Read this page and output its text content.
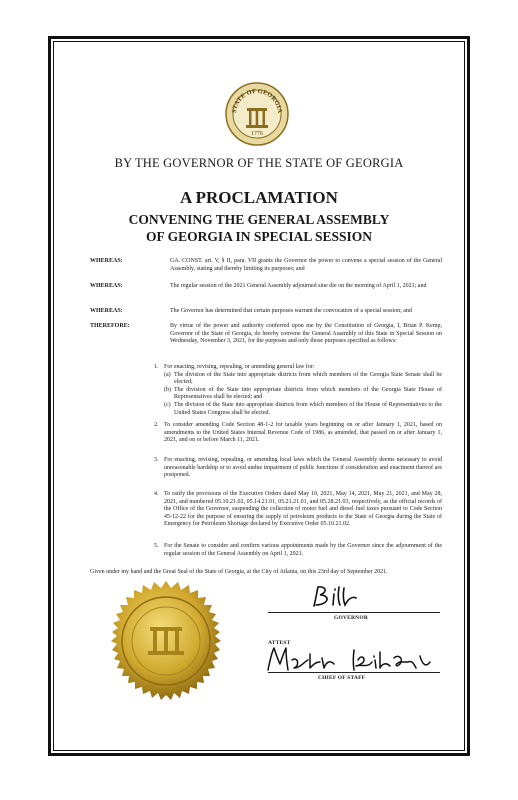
STATE OF GEORGIA
1776
BY THE GOVERNOR OF THE STATE OF GEORGIA
A PROCLAMATION
CONVENING THE GENERAL ASSEMBLY
OF GEORGIA IN SPECIAL SESSION
WHEREAS:	GA. CONST. art. V, § II, para. VII grants the Governor the power to convene a special session of the General Assembly, stating and thereby limiting its purposes; and
WHEREAS:	The regular session of the 2021 General Assembly adjourned sine die on the morning of April 1, 2021; and
WHEREAS:	The Governor has determined that certain purposes warrant the convocation of a special session; and
THEREFORE:	By virtue of the power and authority conferred upon me by the Constitution of Georgia, I, Brian P. Kemp, Governor of the State of Georgia, do hereby convene the General Assembly of this State in Special Session on Wednesday, November 3, 2021, for the purposes and only those purposes specified as follows:
1. For enacting, revising, repealing, or amending general law for:
(a) The division of the State into appropriate districts from which members of the Georgia State Senate shall be elected;
(b) The division of the State into appropriate districts from which members of the Georgia State House of Representatives shall be elected; and
(c) The division of the State into appropriate districts from which members of the House of Representatives to the United States Congress shall be elected.
2. To consider amending Code Section 48-1-2 for taxable years beginning on or after January 1, 2021, based on amendments to the United States Internal Revenue Code of 1986, as amended, that passed on or after January 1, 2021, and on or before March 11, 2021.
3. For enacting, revising, repealing, or amending local laws which the General Assembly deems necessary to avoid unreasonable hardship or to avoid undue impairment of public functions if consideration and enactment thereof are postponed.
4. To ratify the provisions of the Executive Orders dated May 10, 2021, May 14, 2021, May 21, 2021, and May 28, 2021, and numbered 05.10.21.02, 05.14.21.01, 05.21.21.01, and 05.28.21.03, respectively, as the official records of the Office of the Governor, suspending the collection of motor fuel and diesel fuel taxes pursuant to Code Section 45-12-22 for the purpose of ensuring the supply of petroleum products to the State of Georgia during the State of Emergency for Petroleum Shortage declared by Executive Order 05.10.21.02.
5. For the Senate to consider and confirm various appointments made by the Governor since the adjournment of the regular session of the General Assembly on April 1, 2021.
Given under my hand and the Great Seal of the State of Georgia, at the City of Atlanta, on this 23rd day of September 2021.
GOVERNOR
ATTEST
CHIEF OF STAFF
